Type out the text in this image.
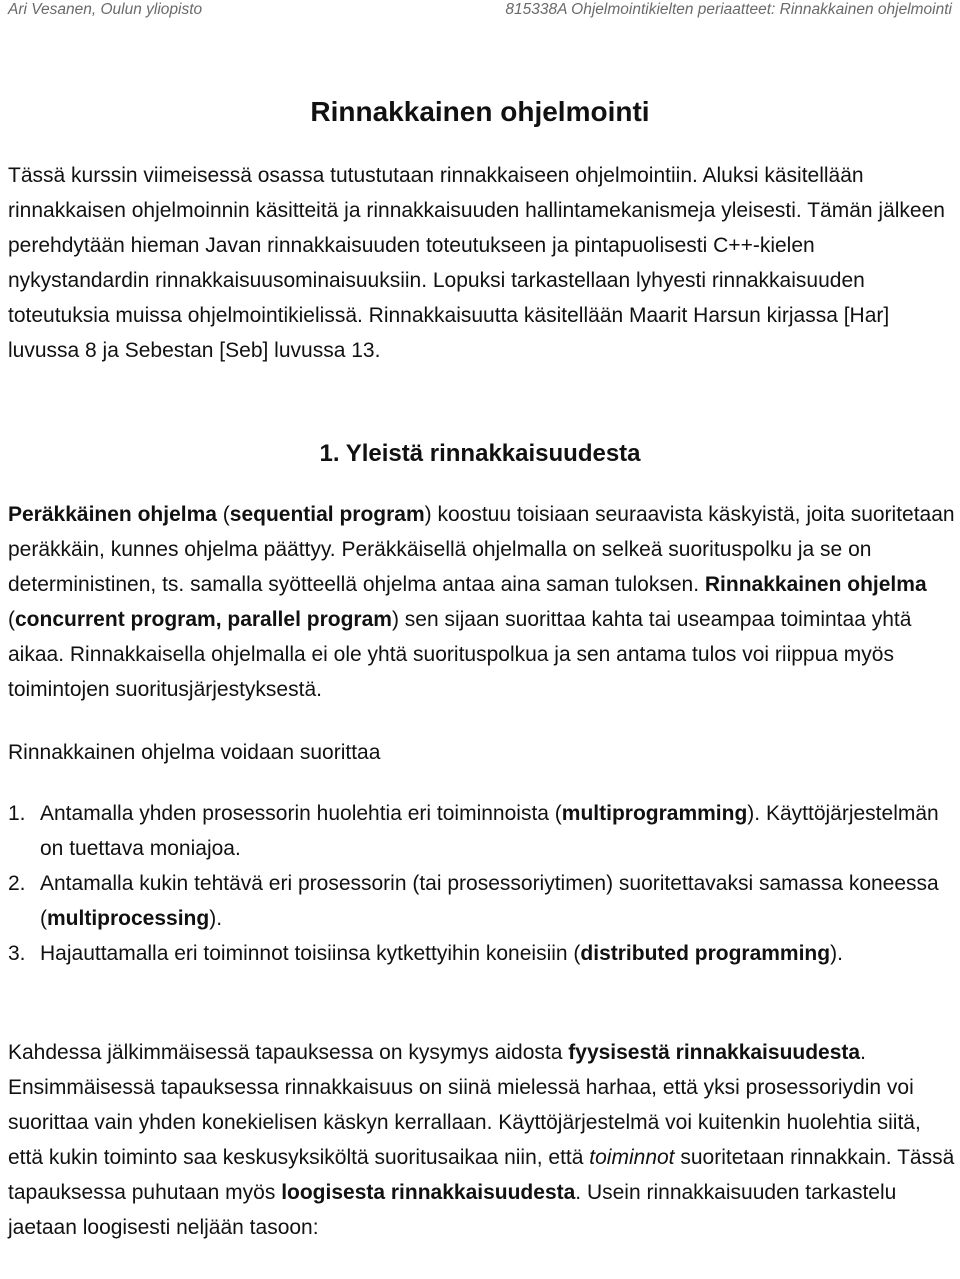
Ari Vesanen, Oulun yliopisto	815338A Ohjelmointikielten periaatteet: Rinnakkainen ohjelmointi
Rinnakkainen ohjelmointi

Tässä kurssin viimeisessä osassa tutustutaan rinnakkaiseen ohjelmointiin. Aluksi käsitellään rinnakkaisen ohjelmoinnin käsitteitä ja rinnakkaisuuden hallintamekanismeja yleisesti. Tämän jälkeen perehdytään hieman Javan rinnakkaisuuden toteutukseen ja pintapuolisesti C++-kielen nykystandardin rinnakkaisuusominaisuuksiin. Lopuksi tarkastellaan lyhyesti rinnakkaisuuden toteutuksia muissa ohjelmointikielissä. Rinnakkaisuutta käsitellään Maarit Harsun kirjassa [Har] luvussa 8 ja Sebestan [Seb] luvussa 13.

1. Yleistä rinnakkaisuudesta

Peräkkäinen ohjelma (sequential program) koostuu toisiaan seuraavista käskyistä, joita suoritetaan peräkkäin, kunnes ohjelma päättyy. Peräkkäisellä ohjelmalla on selkeä suorituspolku ja se on deterministinen, ts. samalla syötteellä ohjelma antaa aina saman tuloksen. Rinnakkainen ohjelma (concurrent program, parallel program) sen sijaan suorittaa kahta tai useampaa toimintaa yhtä aikaa. Rinnakkaisella ohjelmalla ei ole yhtä suorituspolkua ja sen antama tulos voi riippua myös toimintojen suoritusjärjestyksestä.

Rinnakkainen ohjelma voidaan suorittaa

1. Antamalla yhden prosessorin huolehtia eri toiminnoista (multiprogramming). Käyttöjärjestelmän on tuettava moniajoa.
2. Antamalla kukin tehtävä eri prosessorin (tai prosessoriytimen) suoritettavaksi samassa koneessa (multiprocessing).
3. Hajauttamalla eri toiminnot toisiinsa kytkettyihin koneisiin (distributed programming).

Kahdessa jälkimmäisessä tapauksessa on kysymys aidosta fyysisestä rinnakkaisuudesta. Ensimmäisessä tapauksessa rinnakkaisuus on siinä mielessä harhaa, että yksi prosessoriydin voi suorittaa vain yhden konekielisen käskyn kerrallaan. Käyttöjärjestelmä voi kuitenkin huolehtia siitä, että kukin toiminto saa keskusyksiköltä suoritusaikaa niin, että toiminnot suoritetaan rinnakkain. Tässä tapauksessa puhutaan myös loogisesta rinnakkaisuudesta. Usein rinnakkaisuuden tarkastelu jaetaan loogisesti neljään tasoon:
